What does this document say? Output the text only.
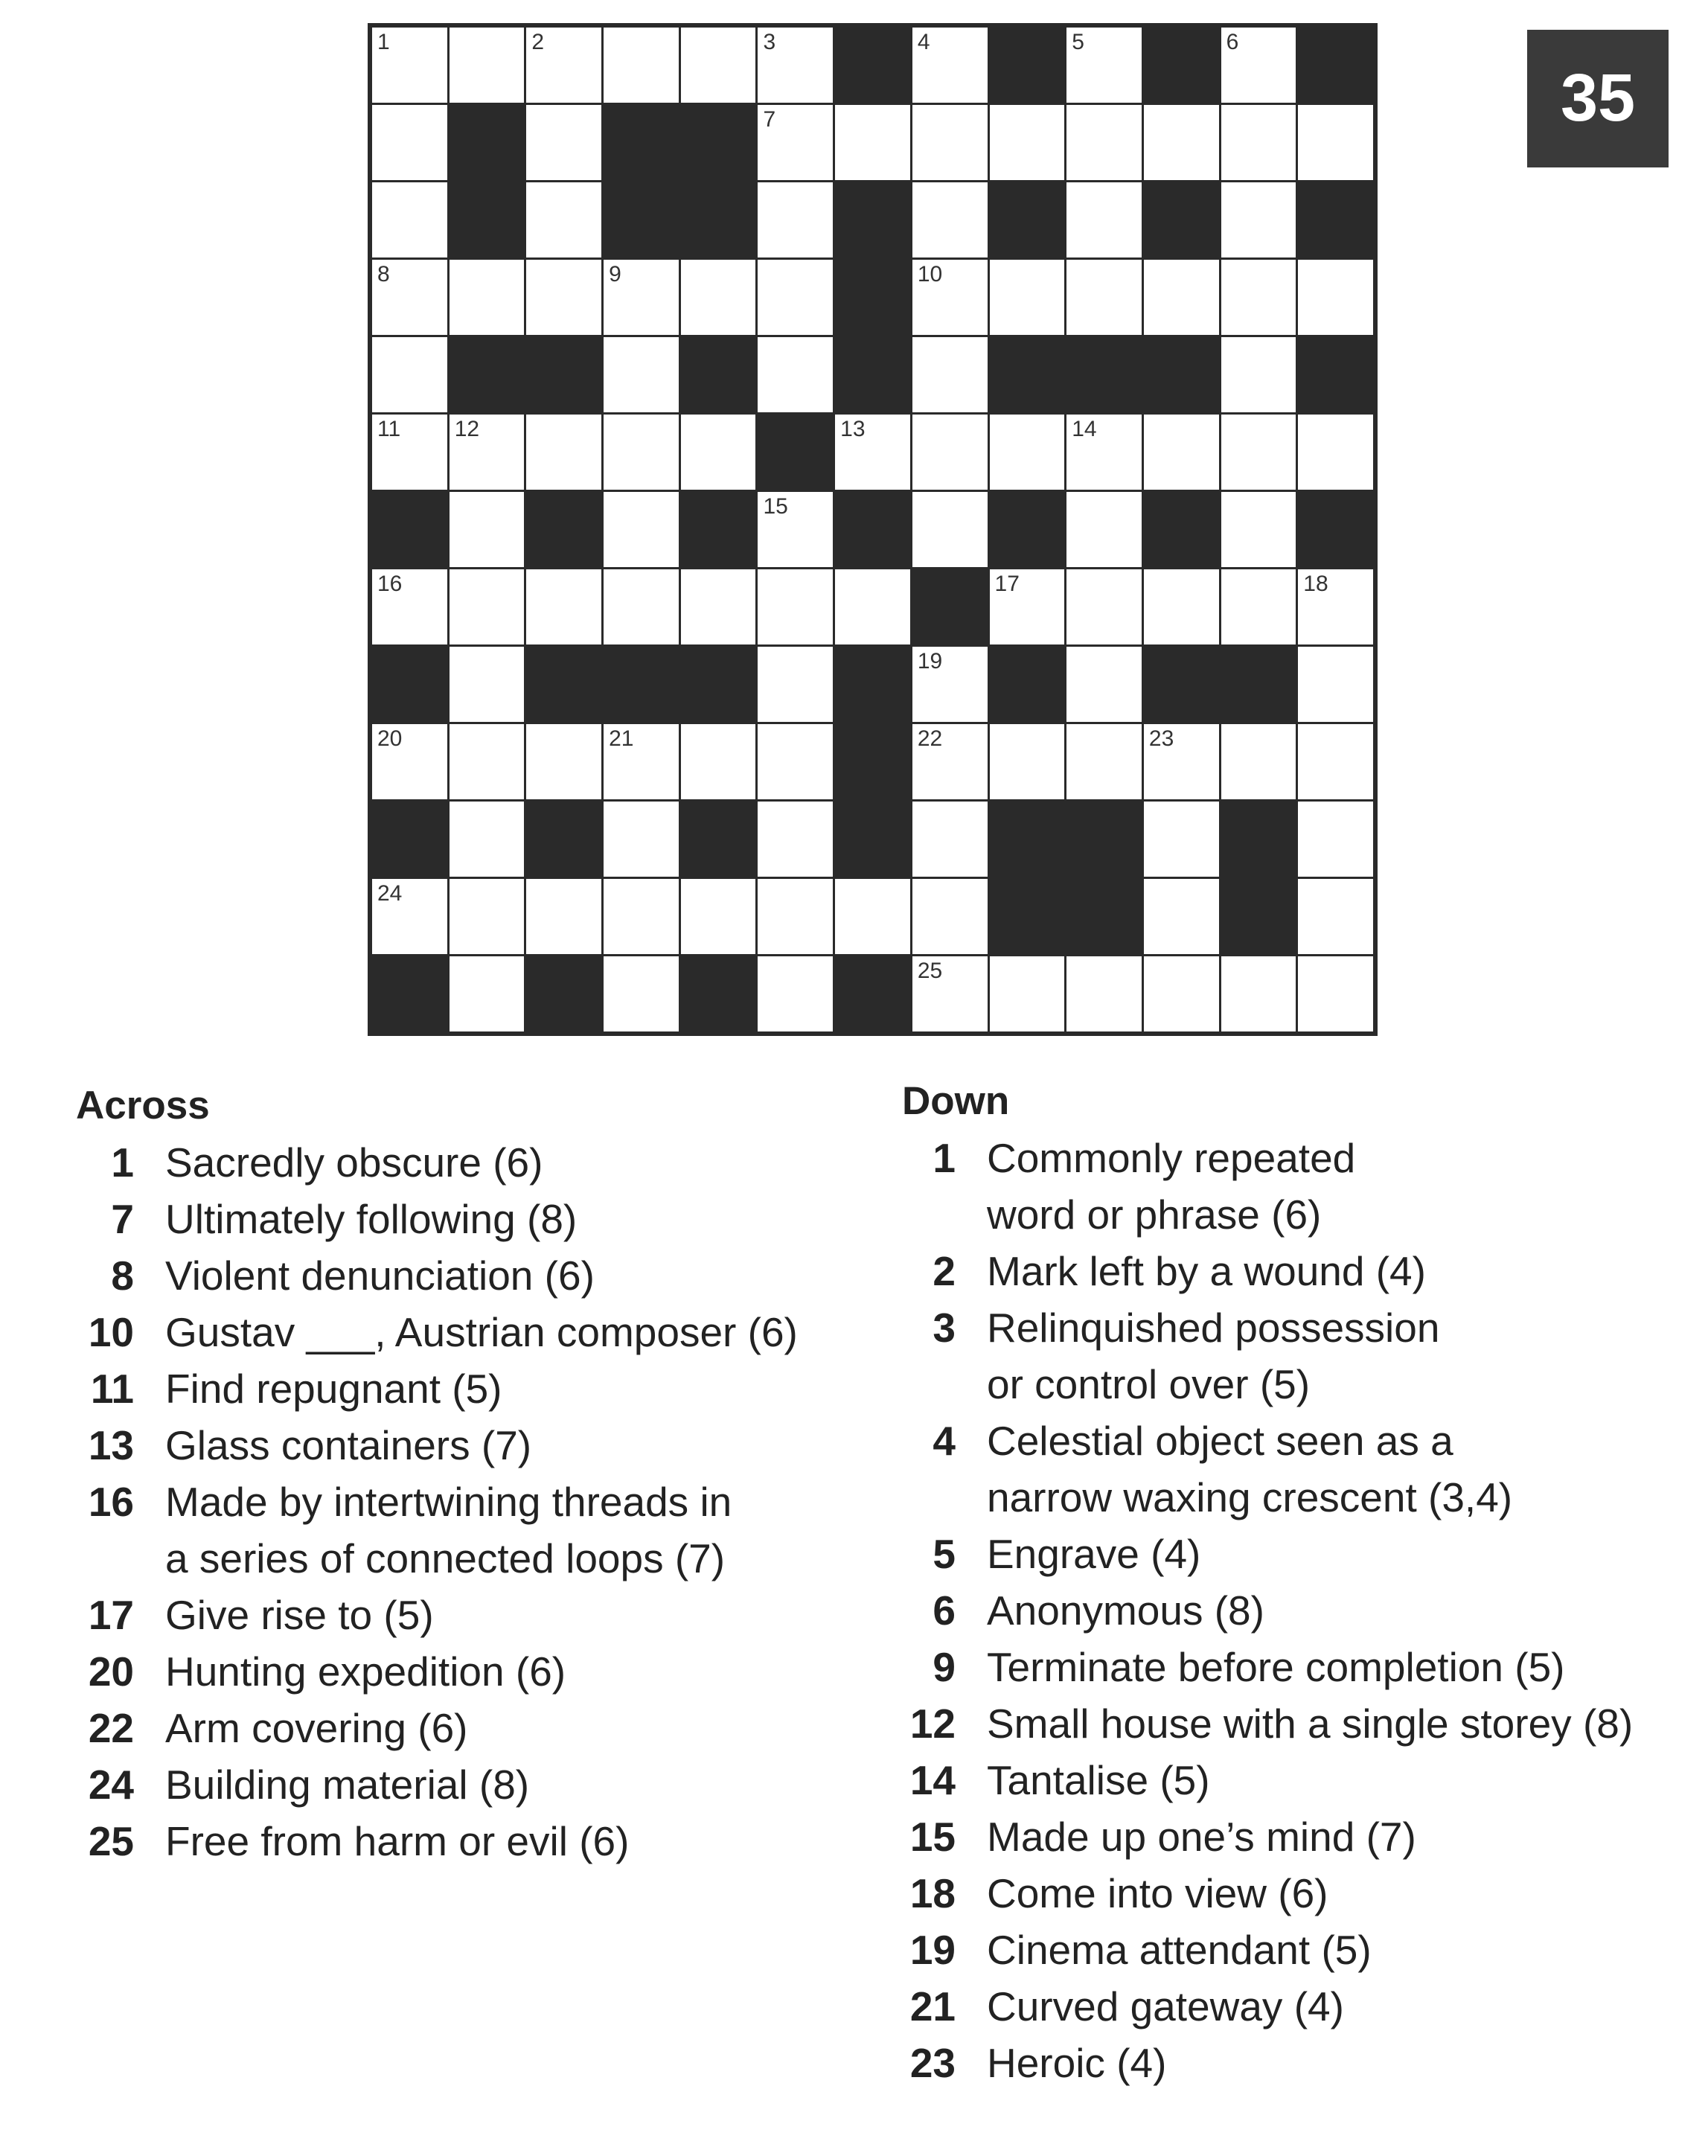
1	2	3	4	5	6
7
8	9	10
11 12	13	14
15
16	17	18
19
20	21	22	23
24
25
35
Across
1 Sacredly obscure (6)
7 Ultimately following (8)
8 Violent denunciation (6)
10 Gustav ___, Austrian composer (6)
11 Find repugnant (5)
13 Glass containers (7)
16 Made by intertwining threads in
a series of connected loops (7)
17 Give rise to (5)
20 Hunting expedition (6)
22 Arm covering (6)
24 Building material (8)
25 Free from harm or evil (6)
Down
1 Commonly repeated
word or phrase (6)
2 Mark left by a wound (4)
3 Relinquished possession
or control over (5)
4 Celestial object seen as a
narrow waxing crescent (3,4)
5 Engrave (4)
6 Anonymous (8)
9 Terminate before completion (5)
12 Small house with a single storey (8)
14 Tantalise (5)
15 Made up one’s mind (7)
18 Come into view (6)
19 Cinema attendant (5)
21 Curved gateway (4)
23 Heroic (4)
